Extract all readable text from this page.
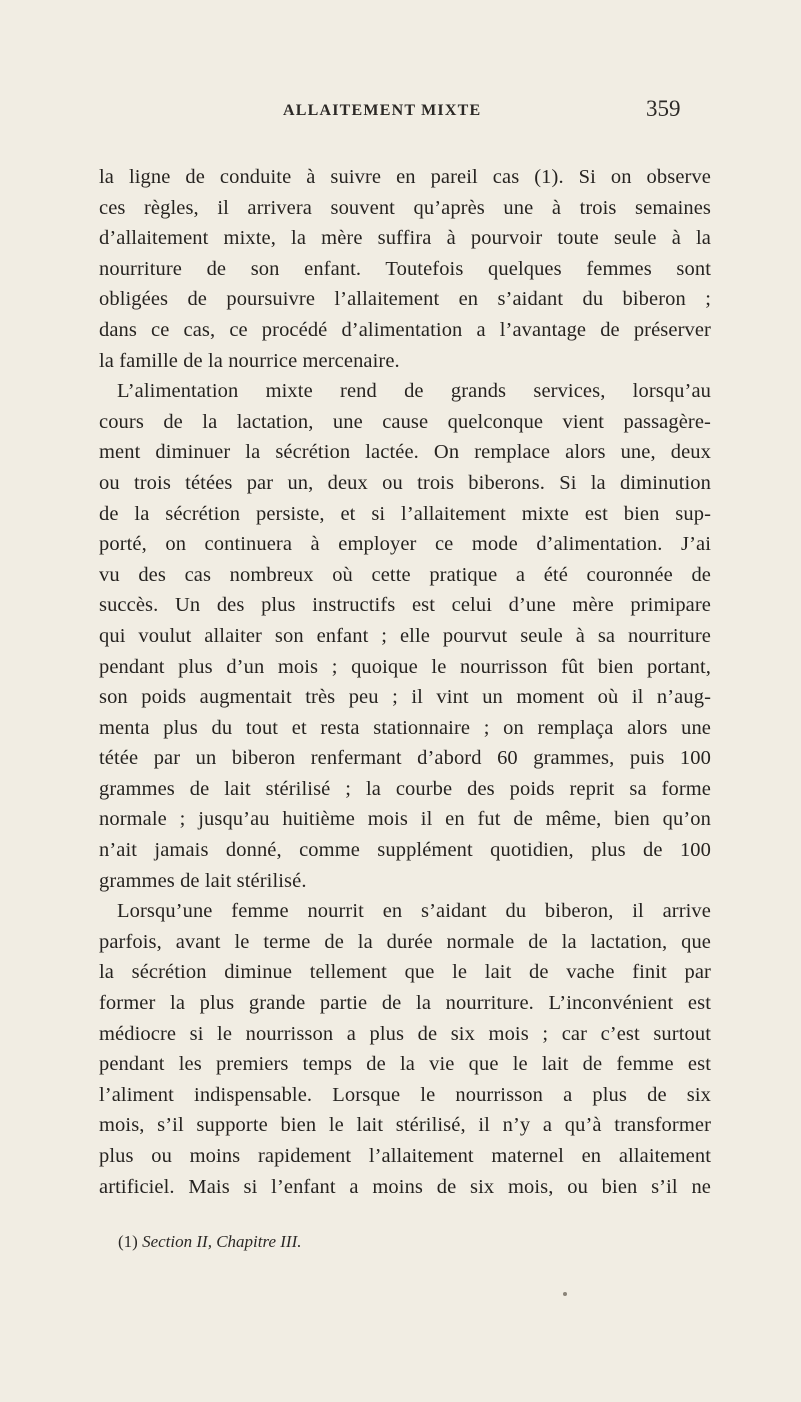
ALLAITEMENT MIXTE	359
la ligne de conduite à suivre en pareil cas (1). Si on observe
ces règles, il arrivera souvent qu’après une à trois semaines
d’allaitement mixte, la mère suffira à pourvoir toute seule à la
nourriture de son enfant. Toutefois quelques femmes sont
obligées de poursuivre l’allaitement en s’aidant du biberon ;
dans ce cas, ce procédé d’alimentation a l’avantage de préserver
la famille de la nourrice mercenaire.
L’alimentation mixte rend de grands services, lorsqu’au
cours de la lactation, une cause quelconque vient passagère-
ment diminuer la sécrétion lactée. On remplace alors une, deux
ou trois tétées par un, deux ou trois biberons. Si la diminution
de la sécrétion persiste, et si l’allaitement mixte est bien sup-
porté, on continuera à employer ce mode d’alimentation. J’ai
vu des cas nombreux où cette pratique a été couronnée de
succès. Un des plus instructifs est celui d’une mère primipare
qui voulut allaiter son enfant ; elle pourvut seule à sa nourriture
pendant plus d’un mois ; quoique le nourrisson fût bien portant,
son poids augmentait très peu ; il vint un moment où il n’aug-
menta plus du tout et resta stationnaire ; on remplaça alors une
tétée par un biberon renfermant d’abord 60 grammes, puis 100
grammes de lait stérilisé ; la courbe des poids reprit sa forme
normale ; jusqu’au huitième mois il en fut de même, bien qu’on
n’ait jamais donné, comme supplément quotidien, plus de 100
grammes de lait stérilisé.
Lorsqu’une femme nourrit en s’aidant du biberon, il arrive
parfois, avant le terme de la durée normale de la lactation, que
la sécrétion diminue tellement que le lait de vache finit par
former la plus grande partie de la nourriture. L’inconvénient est
médiocre si le nourrisson a plus de six mois ; car c’est surtout
pendant les premiers temps de la vie que le lait de femme est
l’aliment indispensable. Lorsque le nourrisson a plus de six
mois, s’il supporte bien le lait stérilisé, il n’y a qu’à transformer
plus ou moins rapidement l’allaitement maternel en allaitement
artificiel. Mais si l’enfant a moins de six mois, ou bien s’il ne
(1) Section II, Chapitre III.
